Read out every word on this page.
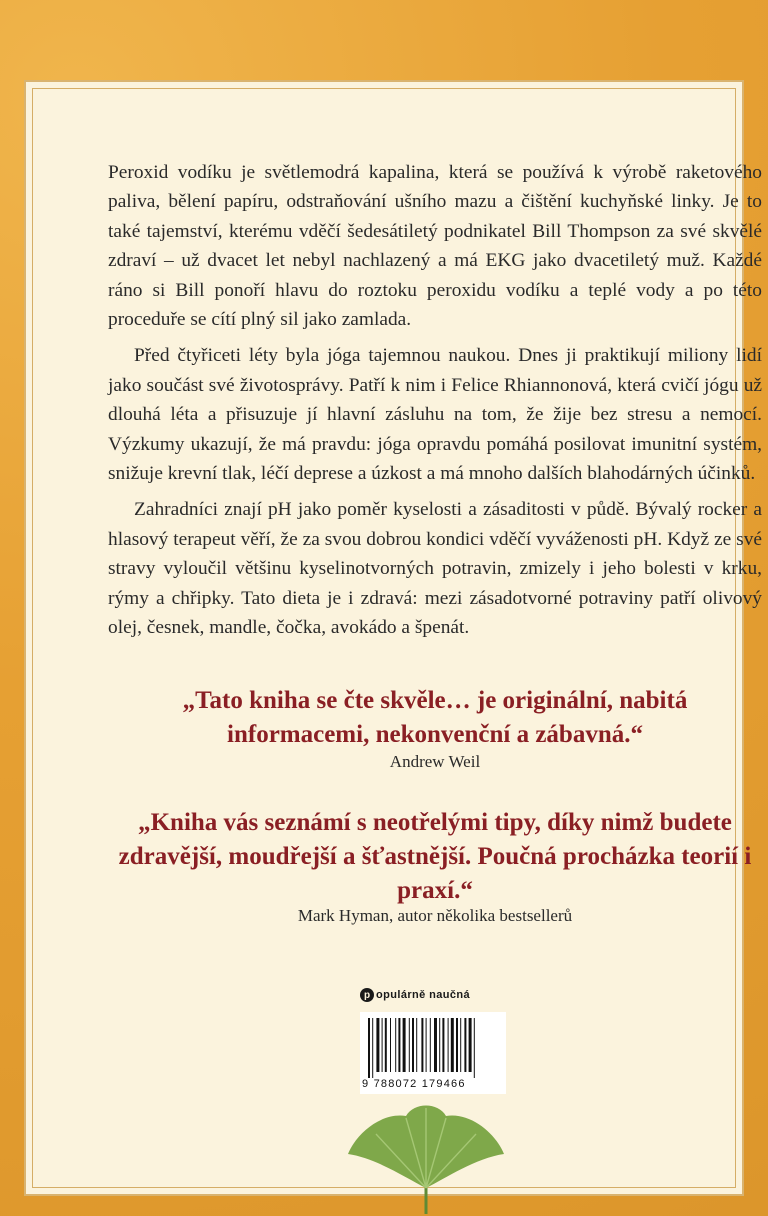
Peroxid vodíku je světlemodrá kapalina, která se používá k výrobě raketového paliva, bělení papíru, odstraňování ušního mazu a čištění kuchyňské linky. Je to také tajemství, kterému vděčí šedesátiletý podnikatel Bill Thompson za své skvělé zdraví – už dvacet let nebyl nachlazený a má EKG jako dvacetiletý muž. Každé ráno si Bill ponoří hlavu do roztoku peroxidu vodíku a teplé vody a po této proceduře se cítí plný sil jako zamlada.

Před čtyřiceti léty byla jóga tajemnou naukou. Dnes ji praktikují miliony lidí jako součást své životosprávy. Patří k nim i Felice Rhiannonová, která cvičí jógu už dlouhá léta a přisuzuje jí hlavní zásluhu na tom, že žije bez stresu a nemocí. Výzkumy ukazují, že má pravdu: jóga opravdu pomáhá posilovat imunitní systém, snižuje krevní tlak, léčí deprese a úzkost a má mnoho dalších blahodárných účinků.

Zahradníci znají pH jako poměr kyselosti a zásaditosti v půdě. Bývalý rocker a hlasový terapeut věří, že za svou dobrou kondici vděčí vyváženosti pH. Když ze své stravy vyloučil většinu kyselinotvorných potravin, zmizely i jeho bolesti v krku, rýmy a chřipky. Tato dieta je i zdravá: mezi zásadotvorné potraviny patří olivový olej, česnek, mandle, čočka, avokádo a špenát.

„Tato kniha se čte skvěle… je originální, nabitá informacemi, nekonvenční a zábavná.“
Andrew Weil
„Kniha vás seznámí s neotřelými tipy, díky nimž budete zdravější, moudřejší a šťastnější. Poučná procházka teorií i praxí.“
Mark Hyman, autor několika bestsellerů
p opulárně naučná
9 788072 179466
